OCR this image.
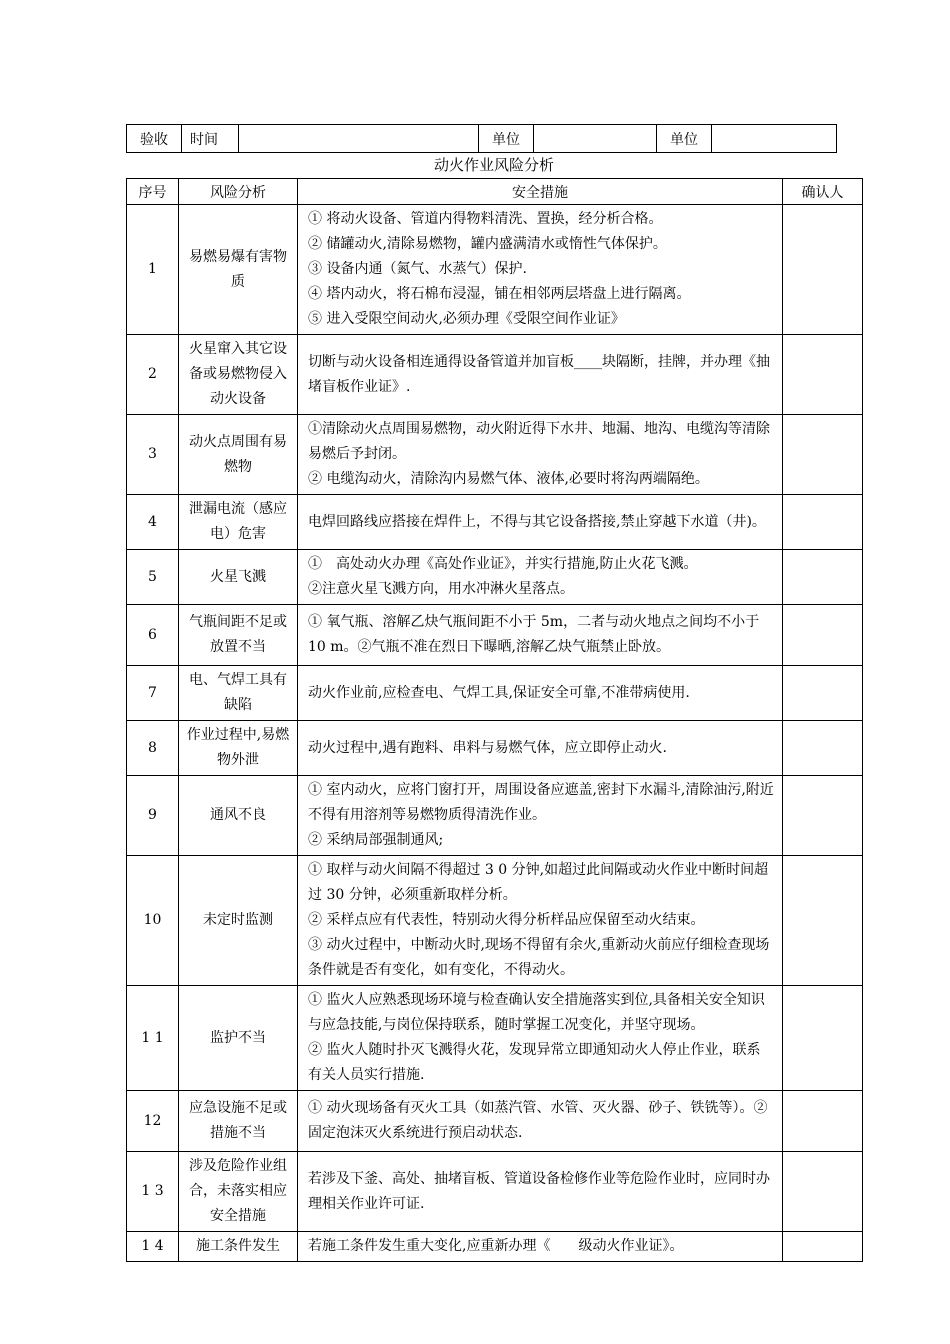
验收	时间		单位		单位	
动火作业风险分析
序号	风险分析	安全措施	确认人
1	易燃易爆有害物质	① 将动火设备、管道内得物料清洗、置换，经分析合格。
② 储罐动火,清除易燃物，罐内盛满清水或惰性气体保护。
③ 设备内通（氮气、水蒸气）保护.
④ 塔内动火，将石棉布浸湿，铺在相邻两层塔盘上进行隔离。
⑤ 进入受限空间动火,必须办理《受限空间作业证》	

2	火星窜入其它设备或易燃物侵入动火设备	切断与动火设备相连通得设备管道并加盲板____块隔断，挂牌，并办理《抽堵盲板作业证》.	

3	动火点周围有易燃物	①清除动火点周围易燃物，动火附近得下水井、地漏、地沟、电缆沟等清除易燃后予封闭。
② 电缆沟动火，清除沟内易燃气体、液体,必要时将沟两端隔绝。	

4	泄漏电流（感应电）危害	电焊回路线应搭接在焊件上，不得与其它设备搭接,禁止穿越下水道（井)。	

5	火星飞溅	①　高处动火办理《高处作业证》，并实行措施,防止火花飞溅。
②注意火星飞溅方向，用水冲淋火星落点。	

6	气瓶间距不足或放置不当	① 氧气瓶、溶解乙炔气瓶间距不小于 5m，二者与动火地点之间均不小于 10 m。②气瓶不准在烈日下曝晒,溶解乙炔气瓶禁止卧放。	

7	电、气焊工具有缺陷	动火作业前,应检查电、气焊工具,保证安全可靠,不准带病使用.	

8	作业过程中,易燃物外泄	动火过程中,遇有跑料、串料与易燃气体，应立即停止动火.	

9	通风不良	① 室内动火，应将门窗打开，周围设备应遮盖,密封下水漏斗,清除油污,附近不得有用溶剂等易燃物质得清洗作业。
② 采纳局部强制通风;	

10	未定时监测	① 取样与动火间隔不得超过 3 0 分钟,如超过此间隔或动火作业中断时间超过 30 分钟，必须重新取样分析。
② 采样点应有代表性，特别动火得分析样品应保留至动火结束。
③ 动火过程中，中断动火时,现场不得留有余火,重新动火前应仔细检查现场条件就是否有变化，如有变化，不得动火。	

1 1	监护不当	① 监火人应熟悉现场环境与检查确认安全措施落实到位,具备相关安全知识与应急技能,与岗位保持联系，随时掌握工况变化，并坚守现场。
② 监火人随时扑灭飞溅得火花，发现异常立即通知动火人停止作业，联系有关人员实行措施.	

12	应急设施不足或措施不当	① 动火现场备有灭火工具（如蒸汽管、水管、灭火器、砂子、铁铣等）。②固定泡沫灭火系统进行预启动状态.	

1 3	涉及危险作业组合，未落实相应安全措施	若涉及下釜、高处、抽堵盲板、管道设备检修作业等危险作业时，应同时办理相关作业许可证.	

1 4	施工条件发生	若施工条件发生重大变化,应重新办理《　　级动火作业证》。	
